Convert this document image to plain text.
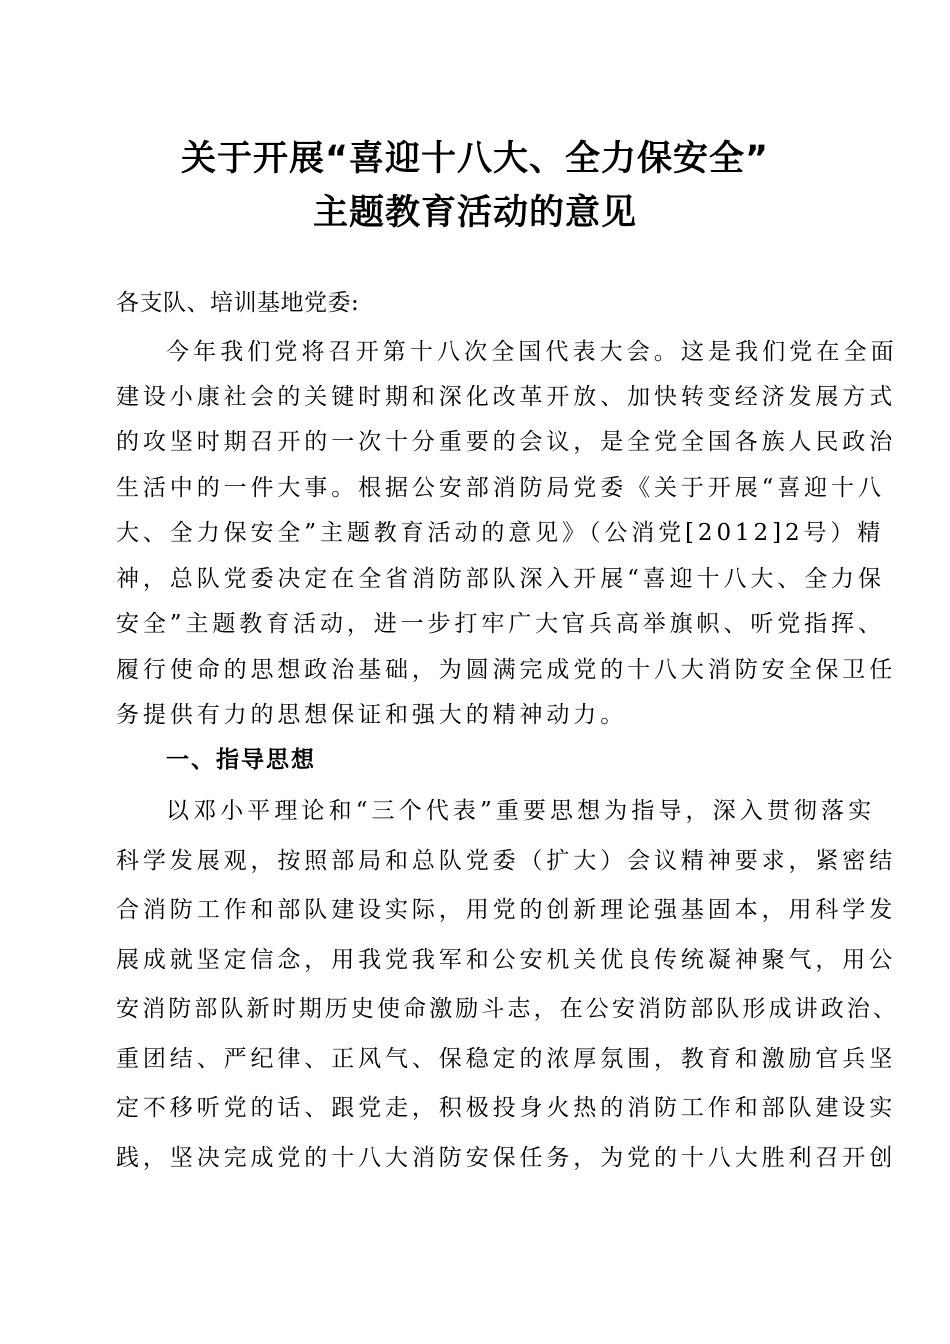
关于开展“喜迎十八大、全力保安全”
主题教育活动的意见
各支队、培训基地党委:
今年我们党将召开第十八次全国代表大会。这是我们党在全面
建设小康社会的关键时期和深化改革开放、加快转变经济发展方式
的攻坚时期召开的一次十分重要的会议，是全党全国各族人民政治
生活中的一件大事。根据公安部消防局党委《关于开展“喜迎十八
大、全力保安全”主题教育活动的意见》（公消党[2012]2号）精
神，总队党委决定在全省消防部队深入开展“喜迎十八大、全力保
安全”主题教育活动，进一步打牢广大官兵高举旗帜、听党指挥、
履行使命的思想政治基础，为圆满完成党的十八大消防安全保卫任
务提供有力的思想保证和强大的精神动力。
一、指导思想
以邓小平理论和“三个代表”重要思想为指导，深入贯彻落实
科学发展观，按照部局和总队党委（扩大）会议精神要求，紧密结
合消防工作和部队建设实际，用党的创新理论强基固本，用科学发
展成就坚定信念，用我党我军和公安机关优良传统凝神聚气，用公
安消防部队新时期历史使命激励斗志，在公安消防部队形成讲政治、
重团结、严纪律、正风气、保稳定的浓厚氛围，教育和激励官兵坚
定不移听党的话、跟党走，积极投身火热的消防工作和部队建设实
践，坚决完成党的十八大消防安保任务，为党的十八大胜利召开创
